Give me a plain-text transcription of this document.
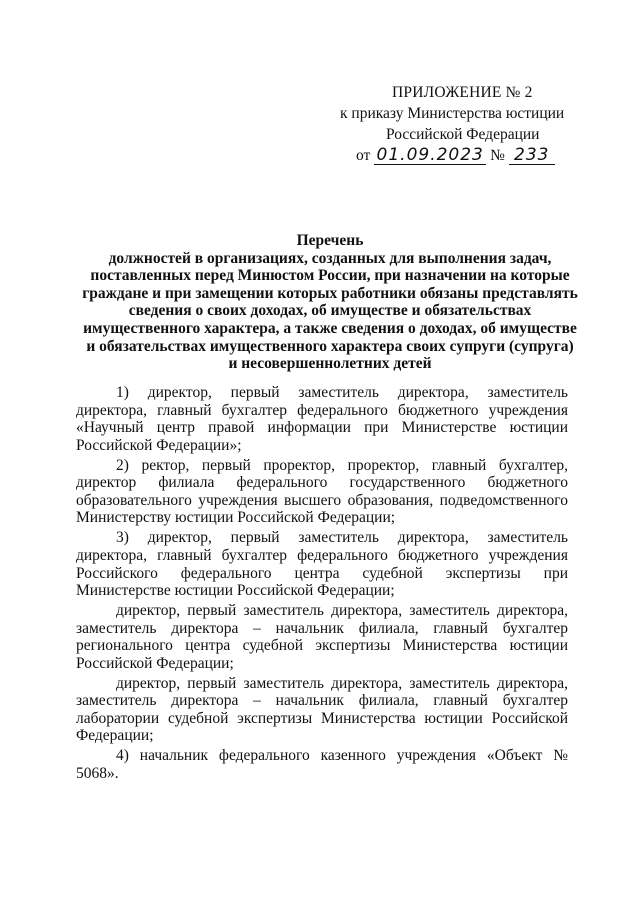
ПРИЛОЖЕНИЕ № 2
к приказу Министерства юстиции
Российской Федерации
от 01.09.2023 № 233
Перечень
должностей в организациях, созданных для выполнения задач,
поставленных перед Минюстом России, при назначении на которые
граждане и при замещении которых работники обязаны представлять
сведения о своих доходах, об имуществе и обязательствах
имущественного характера, а также сведения о доходах, об имуществе
и обязательствах имущественного характера своих супруги (супруга)
и несовершеннолетних детей

1) директор, первый заместитель директора, заместитель директора, главный бухгалтер федерального бюджетного учреждения «Научный центр правой информации при Министерстве юстиции Российской Федерации»;

2) ректор, первый проректор, проректор, главный бухгалтер, директор филиала федерального государственного бюджетного образовательного учреждения высшего образования, подведомственного Министерству юстиции Российской Федерации;

3) директор, первый заместитель директора, заместитель директора, главный бухгалтер федерального бюджетного учреждения Российского федерального центра судебной экспертизы при Министерстве юстиции Российской Федерации;

директор, первый заместитель директора, заместитель директора, заместитель директора – начальник филиала, главный бухгалтер регионального центра судебной экспертизы Министерства юстиции Российской Федерации;

директор, первый заместитель директора, заместитель директора, заместитель директора – начальник филиала, главный бухгалтер лаборатории судебной экспертизы Министерства юстиции Российской Федерации;

4) начальник федерального казенного учреждения «Объект № 5068».
